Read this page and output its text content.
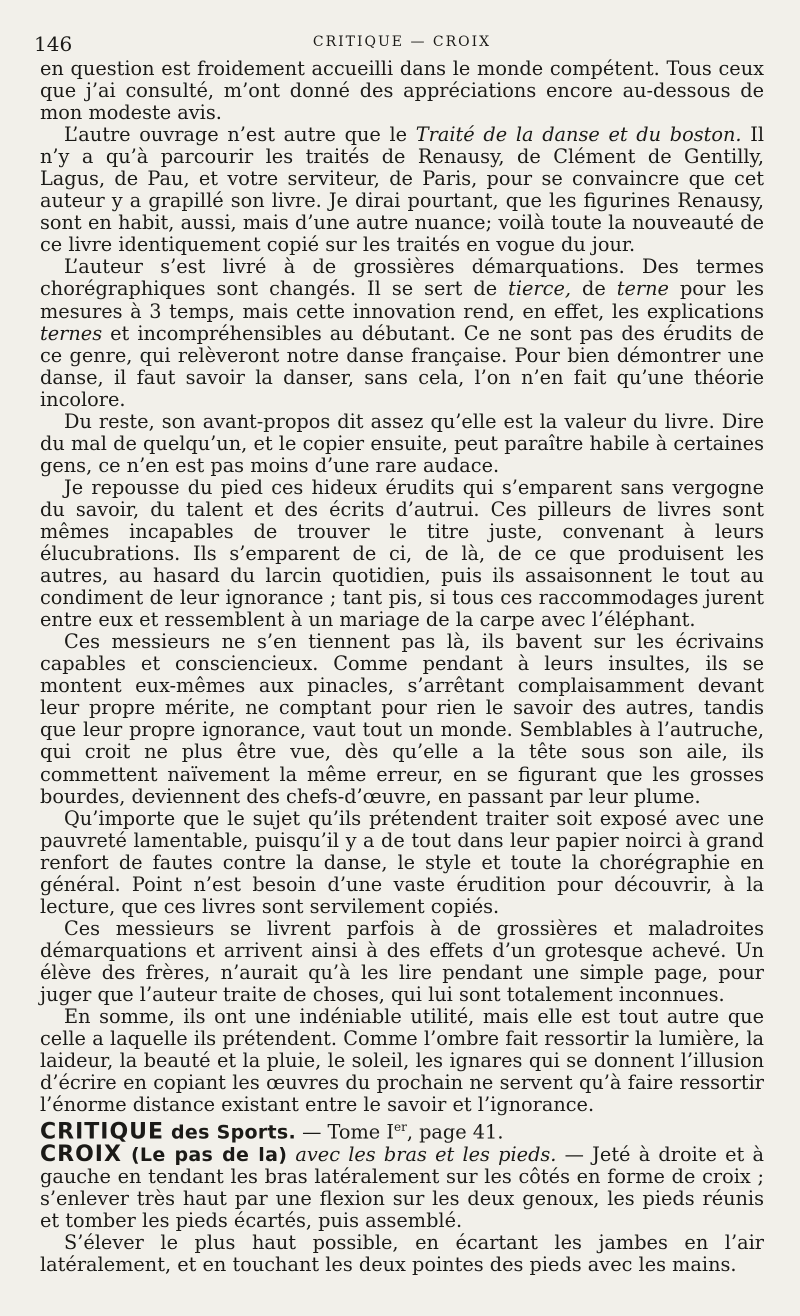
146	CRITIQUE — CROIX

en question est froidement accueilli dans le monde compétent. Tous ceux que j’ai consulté, m’ont donné des appréciations encore au-dessous de mon modeste avis.

L’autre ouvrage n’est autre que le Traité de la danse et du boston. Il n’y a qu’à parcourir les traités de Renausy, de Clément de Gentilly, Lagus, de Pau, et votre serviteur, de Paris, pour se convaincre que cet auteur y a grapillé son livre. Je dirai pourtant, que les figurines Renausy, sont en habit, aussi, mais d’une autre nuance; voilà toute la nouveauté de ce livre identiquement copié sur les traités en vogue du jour.

L’auteur s’est livré à de grossières démarquations. Des termes chorégraphiques sont changés. Il se sert de tierce, de terne pour les mesures à 3 temps, mais cette innovation rend, en effet, les explications ternes et incompréhensibles au débutant. Ce ne sont pas des érudits de ce genre, qui relèveront notre danse française. Pour bien démontrer une danse, il faut savoir la danser, sans cela, l’on n’en fait qu’une théorie incolore.

Du reste, son avant-propos dit assez qu’elle est la valeur du livre. Dire du mal de quelqu’un, et le copier ensuite, peut paraître habile à certaines gens, ce n’en est pas moins d’une rare audace.

Je repousse du pied ces hideux érudits qui s’emparent sans vergogne du savoir, du talent et des écrits d’autrui. Ces pilleurs de livres sont mêmes incapables de trouver le titre juste, convenant à leurs élucubrations. Ils s’emparent de ci, de là, de ce que produisent les autres, au hasard du larcin quotidien, puis ils assaisonnent le tout au condiment de leur ignorance ; tant pis, si tous ces raccommodages jurent entre eux et ressemblent à un mariage de la carpe avec l’éléphant.

Ces messieurs ne s’en tiennent pas là, ils bavent sur les écrivains capables et consciencieux. Comme pendant à leurs insultes, ils se montent eux-mêmes aux pinacles, s’arrêtant complaisamment devant leur propre mérite, ne comptant pour rien le savoir des autres, tandis que leur propre ignorance, vaut tout un monde. Semblables à l’autruche, qui croit ne plus être vue, dès qu’elle a la tête sous son aile, ils commettent naïvement la même erreur, en se figurant que les grosses bourdes, deviennent des chefs-d’œuvre, en passant par leur plume.

Qu’importe que le sujet qu’ils prétendent traiter soit exposé avec une pauvreté lamentable, puisqu’il y a de tout dans leur papier noirci à grand renfort de fautes contre la danse, le style et toute la chorégraphie en général. Point n’est besoin d’une vaste érudition pour découvrir, à la lecture, que ces livres sont servilement copiés.

Ces messieurs se livrent parfois à de grossières et maladroites démarquations et arrivent ainsi à des effets d’un grotesque achevé. Un élève des frères, n’aurait qu’à les lire pendant une simple page, pour juger que l’auteur traite de choses, qui lui sont totalement inconnues.

En somme, ils ont une indéniable utilité, mais elle est tout autre que celle a laquelle ils prétendent. Comme l’ombre fait ressortir la lumière, la laideur, la beauté et la pluie, le soleil, les ignares qui se donnent l’illusion d’écrire en copiant les œuvres du prochain ne servent qu’à faire ressortir l’énorme distance existant entre le savoir et l’ignorance.

CRITIQUE des Sports. — Tome Ier, page 41.

CROIX (Le pas de la) avec les bras et les pieds. — Jeté à droite et à gauche en tendant les bras latéralement sur les côtés en forme de croix ; s’enlever très haut par une flexion sur les deux genoux, les pieds réunis et tomber les pieds écartés, puis assemblé.

S’élever le plus haut possible, en écartant les jambes en l’air latéralement, et en touchant les deux pointes des pieds avec les mains.
